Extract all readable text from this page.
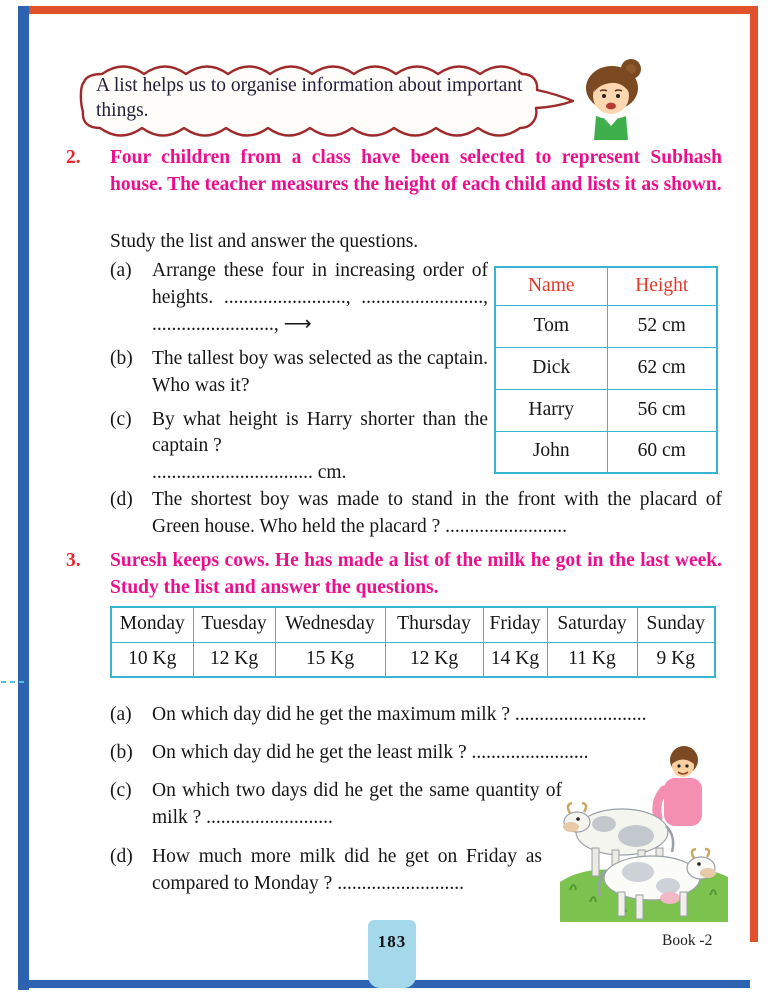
A list helps us to organise information about important things.
2. Four children from a class have been selected to represent Subhash house. The teacher measures the height of each child and lists it as shown.
Study the list and answer the questions.
(a)	Arrange these four in increasing order of heights. ........................., ........................., ........................., ⟶
(b) The tallest boy was selected as the captain. Who was it?
(c)	By what height is Harry shorter than the captain ?
................................. cm.
Name	Height
Tom	52 cm
Dick	62 cm
Harry	56 cm
John	60 cm
(d) The shortest boy was made to stand in the front with the placard of Green house. Who held the placard ? .........................
3. Suresh keeps cows. He has made a list of the milk he got in the last week. Study the list and answer the questions.
Monday	Tuesday	Wednesday	Thursday	Friday	Saturday	Sunday
10 Kg	12 Kg	15 Kg	12 Kg	14 Kg	11 Kg	9 Kg
(a)	On which day did he get the maximum milk ? ...........................
(b) On which day did he get the least milk ? ........................
(c)	On which two days did he get the same quantity of milk ? ..........................
(d) How much more milk did he get on Friday as compared to Monday ? ..........................
183	Book -2
